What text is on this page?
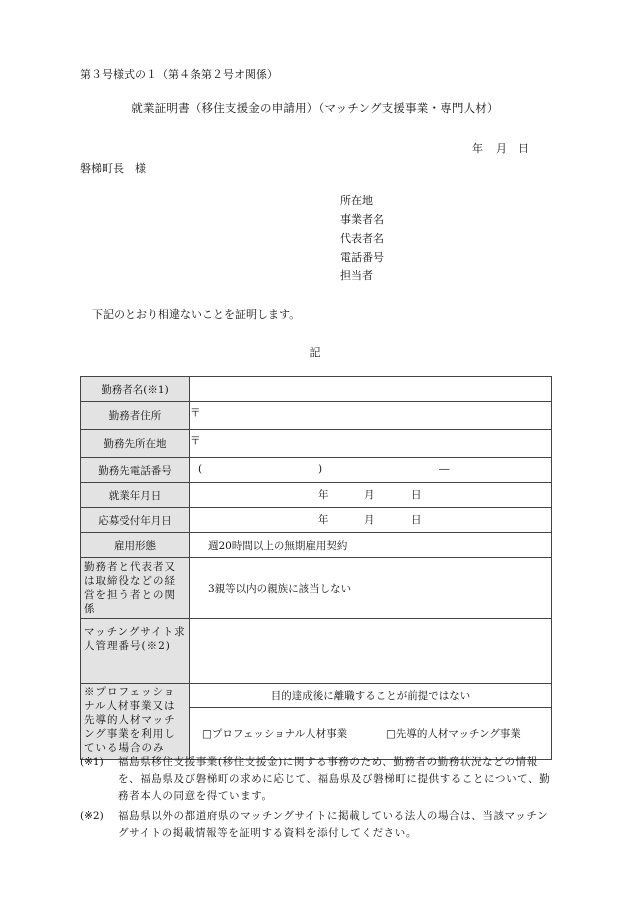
第３号様式の１（第４条第２号オ関係）
就業証明書（移住支援金の申請用）（マッチング支援事業・専門人材）
年 月 日
磐梯町長　様
所在地
事業者名
代表者名
電話番号
担当者
下記のとおり相違ないことを証明します。
記
勤務者名(※1)	
勤務者住所	〒
勤務先所在地	〒
勤務先電話番号	( ) ―

就業年月日	年 月 日

応募受付年月日	年 月 日

雇用形態	週20時間以上の無期雇用契約
勤務者と代表者又は取締役などの経営を担う者との関係	3親等以内の親族に該当しない
マッチングサイト求人管理番号(※2)	
※プロフェッショナル人材事業又は先導的人材マッチング事業を利用している場合のみ	目的達成後に離職することが前提ではない

	□プロフェッショナル人材事業 □先導的人材マッチング事業
(※1) 福島県移住支援事業(移住支援金)に関する事務のため、勤務者の勤務状況などの情報を、福島県及び磐梯町の求めに応じて、福島県及び磐梯町に提供することについて、勤務者本人の同意を得ています。
(※2) 福島県以外の都道府県のマッチングサイトに掲載している法人の場合は、当該マッチングサイトの掲載情報等を証明する資料を添付してください。
